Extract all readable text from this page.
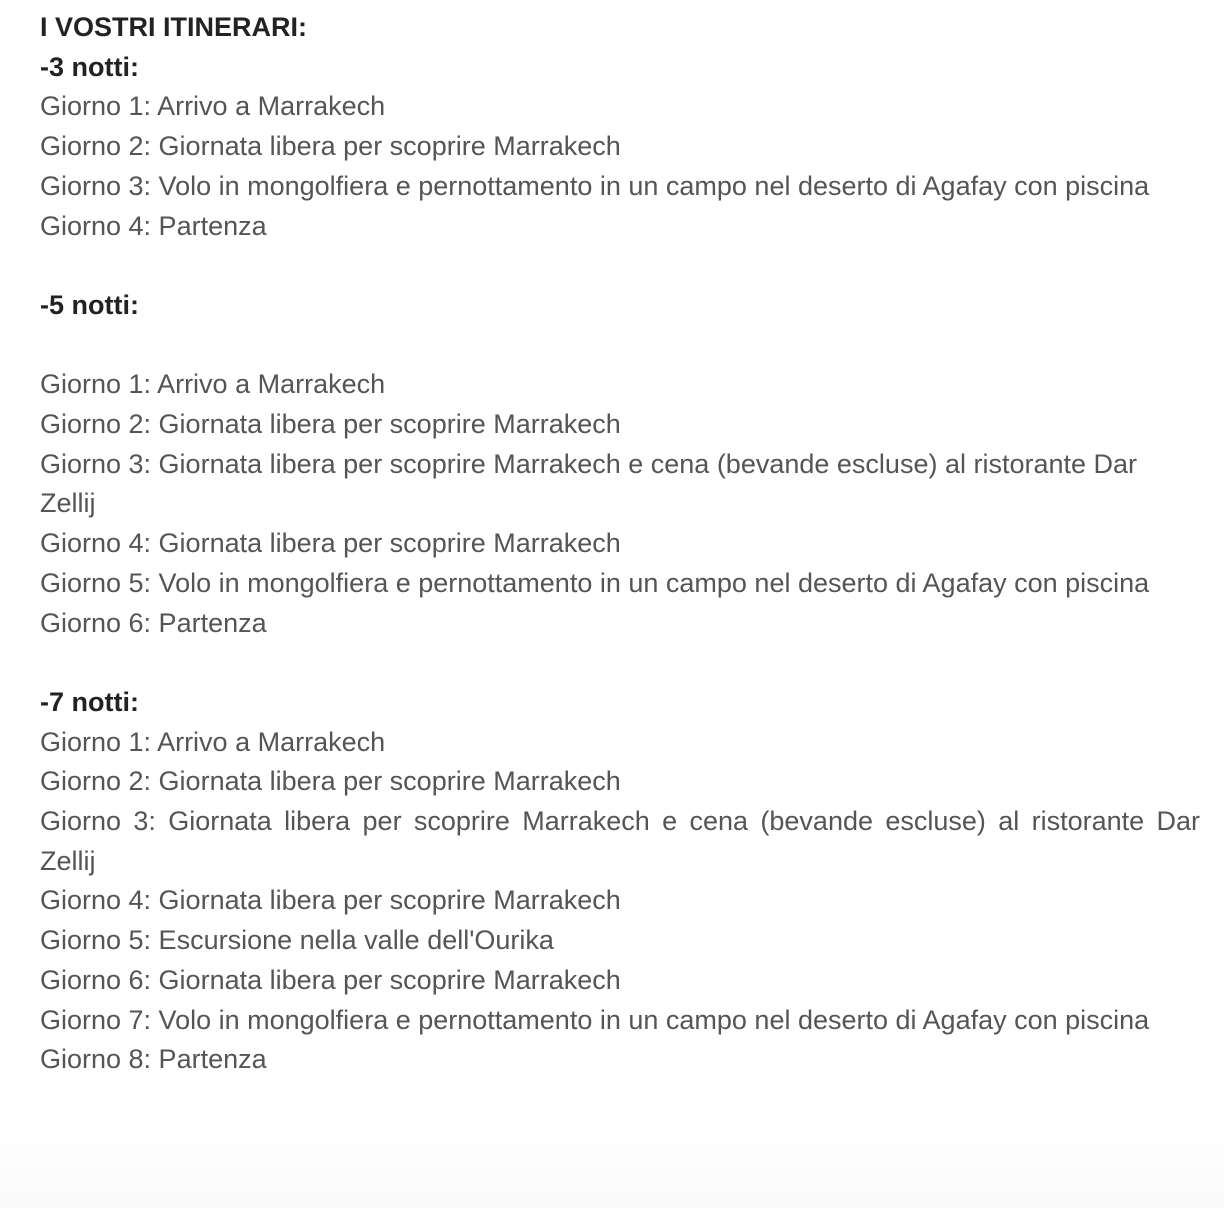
I VOSTRI ITINERARI:
-3 notti:
Giorno 1: Arrivo a Marrakech
Giorno 2: Giornata libera per scoprire Marrakech
Giorno 3: Volo in mongolfiera e pernottamento in un campo nel deserto di Agafay con piscina
Giorno 4: Partenza
-5 notti:
Giorno 1: Arrivo a Marrakech
Giorno 2: Giornata libera per scoprire Marrakech
Giorno 3: Giornata libera per scoprire Marrakech e cena (bevande escluse) al ristorante Dar Zellij
Giorno 4: Giornata libera per scoprire Marrakech
Giorno 5: Volo in mongolfiera e pernottamento in un campo nel deserto di Agafay con piscina
Giorno 6: Partenza
-7 notti:
Giorno 1: Arrivo a Marrakech
Giorno 2: Giornata libera per scoprire Marrakech
Giorno 3: Giornata libera per scoprire Marrakech e cena (bevande escluse) al ristorante Dar Zellij
Giorno 4: Giornata libera per scoprire Marrakech
Giorno 5: Escursione nella valle dell'Ourika
Giorno 6: Giornata libera per scoprire Marrakech
Giorno 7: Volo in mongolfiera e pernottamento in un campo nel deserto di Agafay con piscina
Giorno 8: Partenza
